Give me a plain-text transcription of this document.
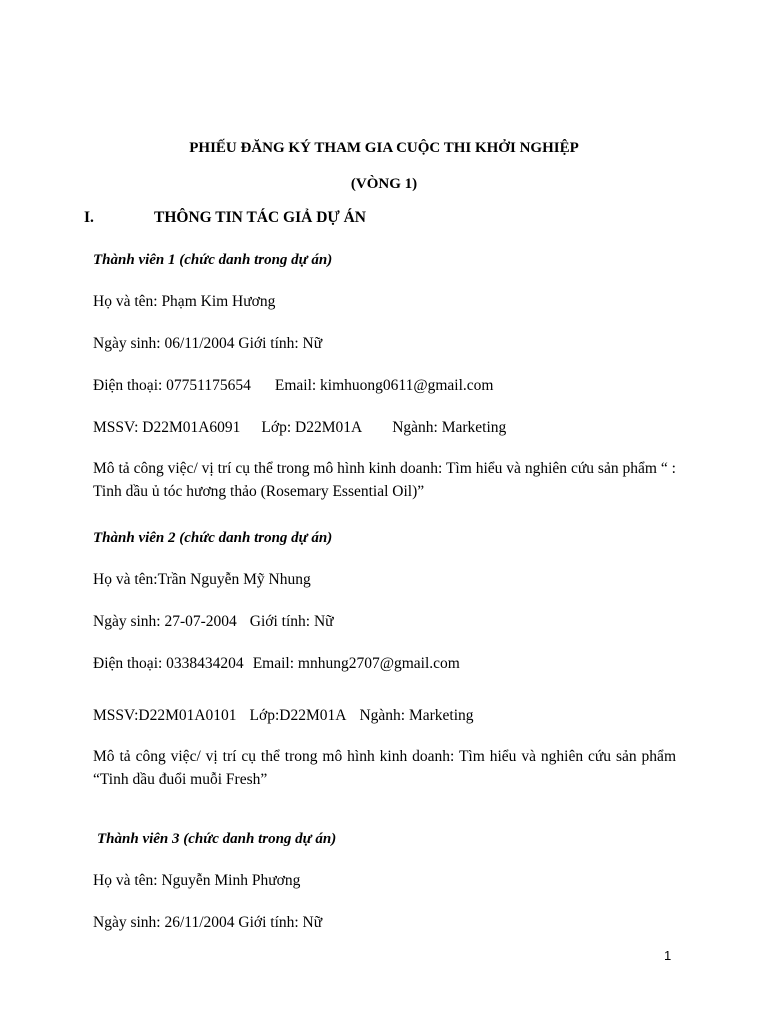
PHIẾU ĐĂNG KÝ THAM GIA CUỘC THI KHỞI NGHIỆP
(VÒNG 1)
I.	THÔNG TIN TÁC GIẢ DỰ ÁN
Thành viên 1 (chức danh trong dự án)
Họ và tên: Phạm Kim Hương
Ngày sinh: 06/11/2004 Giới tính: Nữ
Điện thoại: 07751175654 Email: kimhuong0611@gmail.com
MSSV: D22M01A6091 Lớp: D22M01A Ngành: Marketing
Mô tả công việc/ vị trí cụ thể trong mô hình kinh doanh: Tìm hiểu và nghiên cứu sản phẩm “ : Tinh dầu ủ tóc hương thảo (Rosemary Essential Oil)”
Thành viên 2 (chức danh trong dự án)
Họ và tên:Trần Nguyễn Mỹ Nhung
Ngày sinh: 27-07-2004 Giới tính: Nữ
Điện thoại: 0338434204 Email: mnhung2707@gmail.com
MSSV:D22M01A0101 Lớp:D22M01A Ngành: Marketing
Mô tả công việc/ vị trí cụ thể trong mô hình kinh doanh: Tìm hiểu và nghiên cứu sản phẩm “Tinh dầu đuổi muỗi Fresh”
Thành viên 3 (chức danh trong dự án)
Họ và tên: Nguyễn Minh Phương
Ngày sinh: 26/11/2004 Giới tính: Nữ
1
